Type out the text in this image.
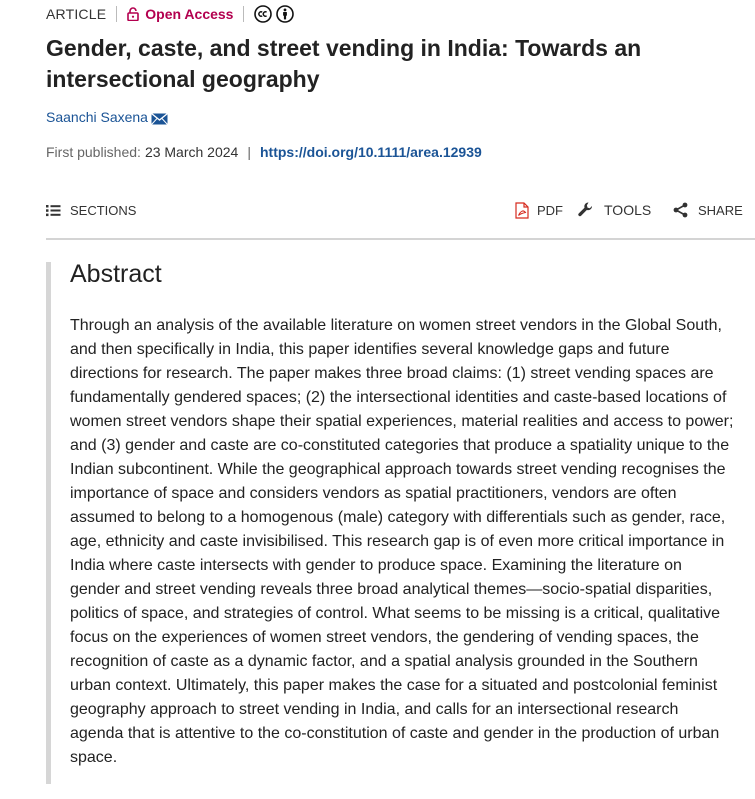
ARTICLE	Open Access
Gender, caste, and street vending in India: Towards an intersectional geography
Saanchi Saxena
First published: 23 March 2024 | https://doi.org/10.1111/area.12939
SECTIONS	PDF	TOOLS	SHARE
Abstract

Through an analysis of the available literature on women street vendors in the Global South, and then specifically in India, this paper identifies several knowledge gaps and future directions for research. The paper makes three broad claims: (1) street vending spaces are fundamentally gendered spaces; (2) the intersectional identities and caste-based locations of women street vendors shape their spatial experiences, material realities and access to power; and (3) gender and caste are co-constituted categories that produce a spatiality unique to the Indian subcontinent. While the geographical approach towards street vending recognises the importance of space and considers vendors as spatial practitioners, vendors are often assumed to belong to a homogenous (male) category with differentials such as gender, race, age, ethnicity and caste invisibilised. This research gap is of even more critical importance in India where caste intersects with gender to produce space. Examining the literature on gender and street vending reveals three broad analytical themes—socio-spatial disparities, politics of space, and strategies of control. What seems to be missing is a critical, qualitative focus on the experiences of women street vendors, the gendering of vending spaces, the recognition of caste as a dynamic factor, and a spatial analysis grounded in the Southern urban context. Ultimately, this paper makes the case for a situated and postcolonial feminist geography approach to street vending in India, and calls for an intersectional research agenda that is attentive to the co-constitution of caste and gender in the production of urban space.
